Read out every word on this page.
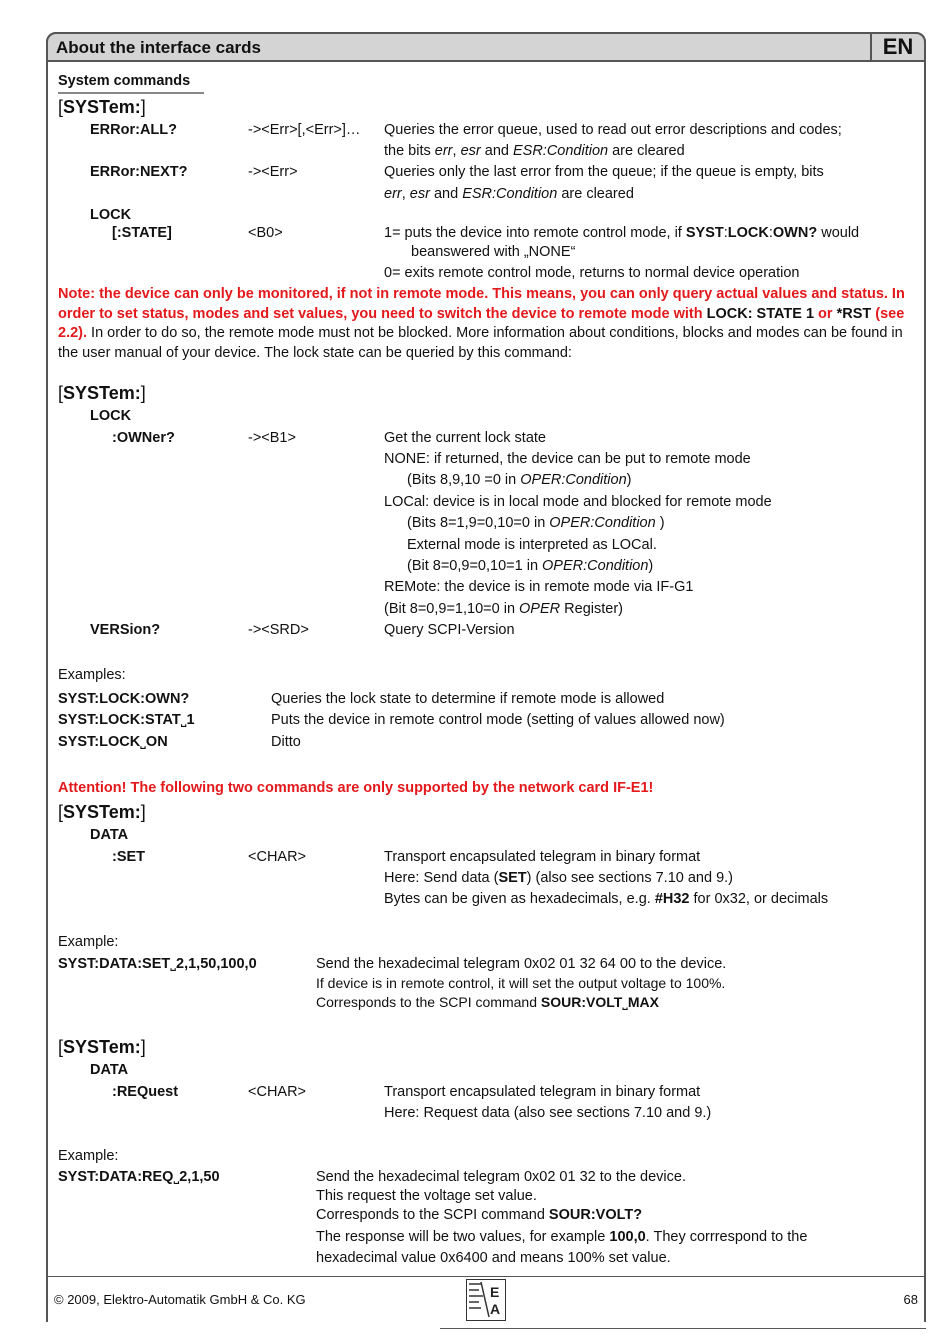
About the interface cards	EN
System commands
[SYSTem:]
ERRor:ALL?	-><Err>[,<Err>]… Queries the error queue, used to read out error descriptions and codes;
the bits err, esr and ESR:Condition are cleared
ERRor:NEXT?	-><Err>	Queries only the last error from the queue; if the queue is empty, bits
err, esr and ESR:Condition are cleared
LOCK
[:STATE]	<B0>	1= puts the device into remote control mode, if SYST:LOCK:OWN? would
beanswered with „NONE“
0= exits remote control mode, returns to normal device operation
Note: the device can only be monitored, if not in remote mode. This means, you can only query actual values and status. In order to set status, modes and set values, you need to switch the device to remote mode with LOCK: STATE 1 or *RST (see 2.2). In order to do so, the remote mode must not be blocked. More information about conditions, blocks and modes can be found in the user manual of your device. The lock state can be queried by this command:
[SYSTem:]
LOCK
:OWNer?	-><B1>	Get the current lock state
NONE: if returned, the device can be put to remote mode
(Bits 8,9,10 =0 in OPER:Condition)
LOCal: device is in local mode and blocked for remote mode
(Bits 8=1,9=0,10=0 in OPER:Condition )
External mode is interpreted as LOCal.
(Bit 8=0,9=0,10=1 in OPER:Condition)
REMote: the device is in remote mode via IF-G1
(Bit 8=0,9=1,10=0 in OPER Register)
VERSion?	-><SRD>	Query SCPI-Version
Examples:
SYST:LOCK:OWN?	Queries the lock state to determine if remote mode is allowed
SYST:LOCK:STAT˽1	Puts the device in remote control mode (setting of values allowed now)
SYST:LOCK˽ON	Ditto
Attention! The following two commands are only supported by the network card IF-E1!
[SYSTem:]
DATA
:SET	<CHAR>	Transport encapsulated telegram in binary format
Here: Send data (SET) (also see sections 7.10 and 9.)
Bytes can be given as hexadecimals, e.g. #H32 for 0x32, or decimals
Example:
SYST:DATA:SET˽2,1,50,100,0	Send the hexadecimal telegram 0x02 01 32 64 00 to the device.
If device is in remote control, it will set the output voltage to 100%.
Corresponds to the SCPI command SOUR:VOLT˽MAX
[SYSTem:]
DATA
:REQuest	<CHAR>	Transport encapsulated telegram in binary format
Here: Request data (also see sections 7.10 and 9.)
Example:
SYST:DATA:REQ˽2,1,50	Send the hexadecimal telegram 0x02 01 32 to the device.
This request the voltage set value.
Corresponds to the SCPI command SOUR:VOLT?
The response will be two values, for example 100,0. They corrrespond to the
hexadecimal value 0x6400 and means 100% set value.
© 2009, Elektro-Automatik GmbH & Co. KG	E
A
68
